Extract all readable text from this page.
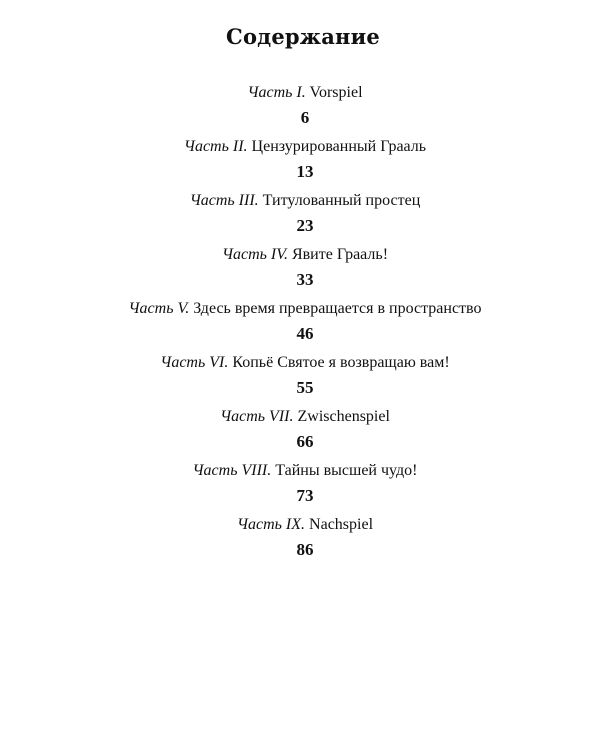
Содержание
Часть I. Vorspiel
6
Часть II. Цензурированный Грааль
13
Часть III. Титулованный простец
23
Часть IV. Явите Грааль!
33
Часть V. Здесь время превращается в пространство
46
Часть VI. Копьё Святое я возвращаю вам!
55
Часть VII. Zwischenspiel
66
Часть VIII. Тайны высшей чудо!
73
Часть IX. Nachspiel
86
